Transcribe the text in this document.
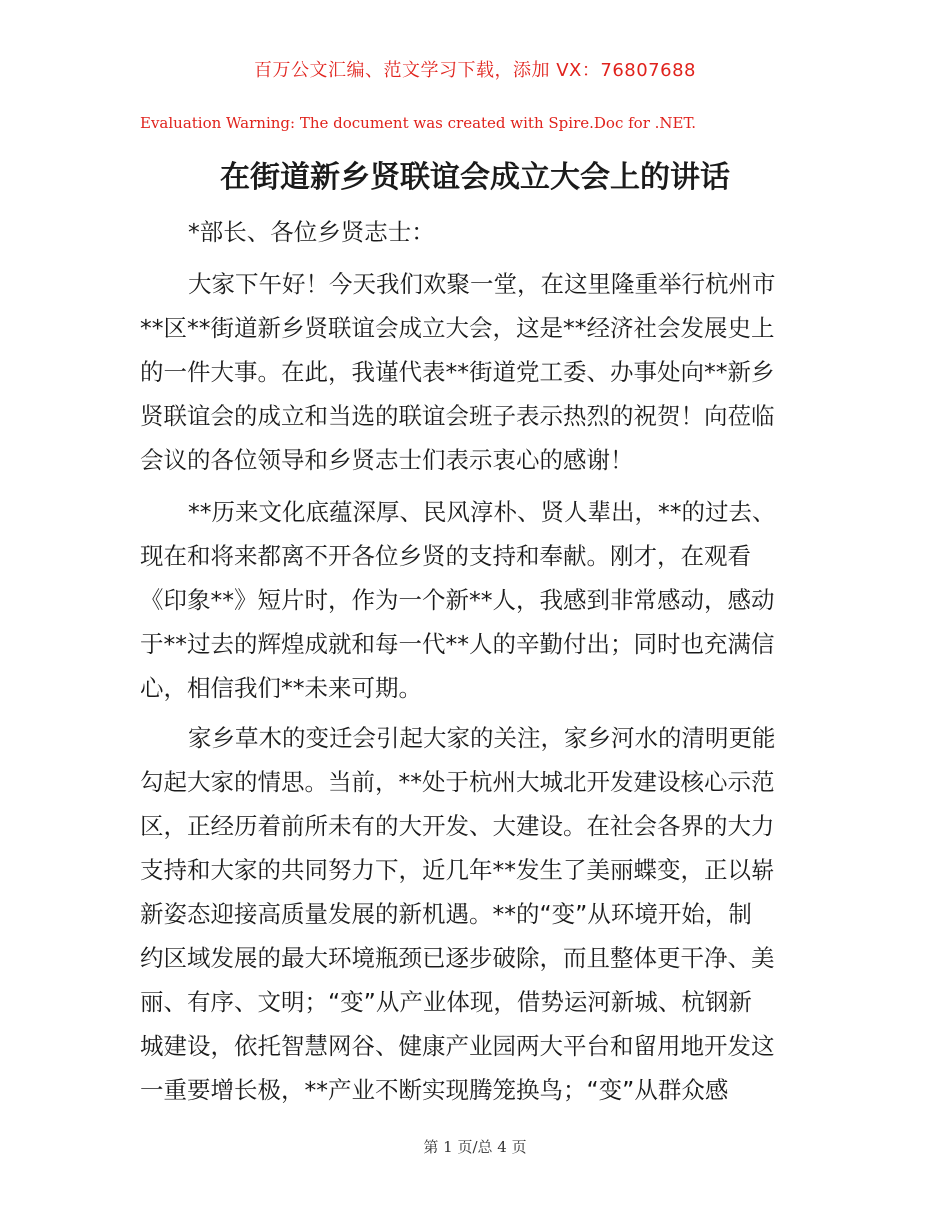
百万公文汇编、范文学习下载，添加 VX：76807688
Evaluation Warning: The document was created with Spire.Doc for .NET.
在街道新乡贤联谊会成立大会上的讲话
*部长、各位乡贤志士：
大家下午好！今天我们欢聚一堂，在这里隆重举行杭州市
**区**街道新乡贤联谊会成立大会，这是**经济社会发展史上
的一件大事。在此，我谨代表**街道党工委、办事处向**新乡
贤联谊会的成立和当选的联谊会班子表示热烈的祝贺！向莅临
会议的各位领导和乡贤志士们表示衷心的感谢！
**历来文化底蕴深厚、民风淳朴、贤人辈出，**的过去、
现在和将来都离不开各位乡贤的支持和奉献。刚才，在观看
《印象**》短片时，作为一个新**人，我感到非常感动，感动
于**过去的辉煌成就和每一代**人的辛勤付出；同时也充满信
心，相信我们**未来可期。
家乡草木的变迁会引起大家的关注，家乡河水的清明更能
勾起大家的情思。当前，**处于杭州大城北开发建设核心示范
区，正经历着前所未有的大开发、大建设。在社会各界的大力
支持和大家的共同努力下，近几年**发生了美丽蝶变，正以崭
新姿态迎接高质量发展的新机遇。**的“变”从环境开始，制
约区域发展的最大环境瓶颈已逐步破除，而且整体更干净、美
丽、有序、文明；“变”从产业体现，借势运河新城、杭钢新
城建设，依托智慧网谷、健康产业园两大平台和留用地开发这
一重要增长极，**产业不断实现腾笼换鸟；“变”从群众感
第 1 页/总 4 页
